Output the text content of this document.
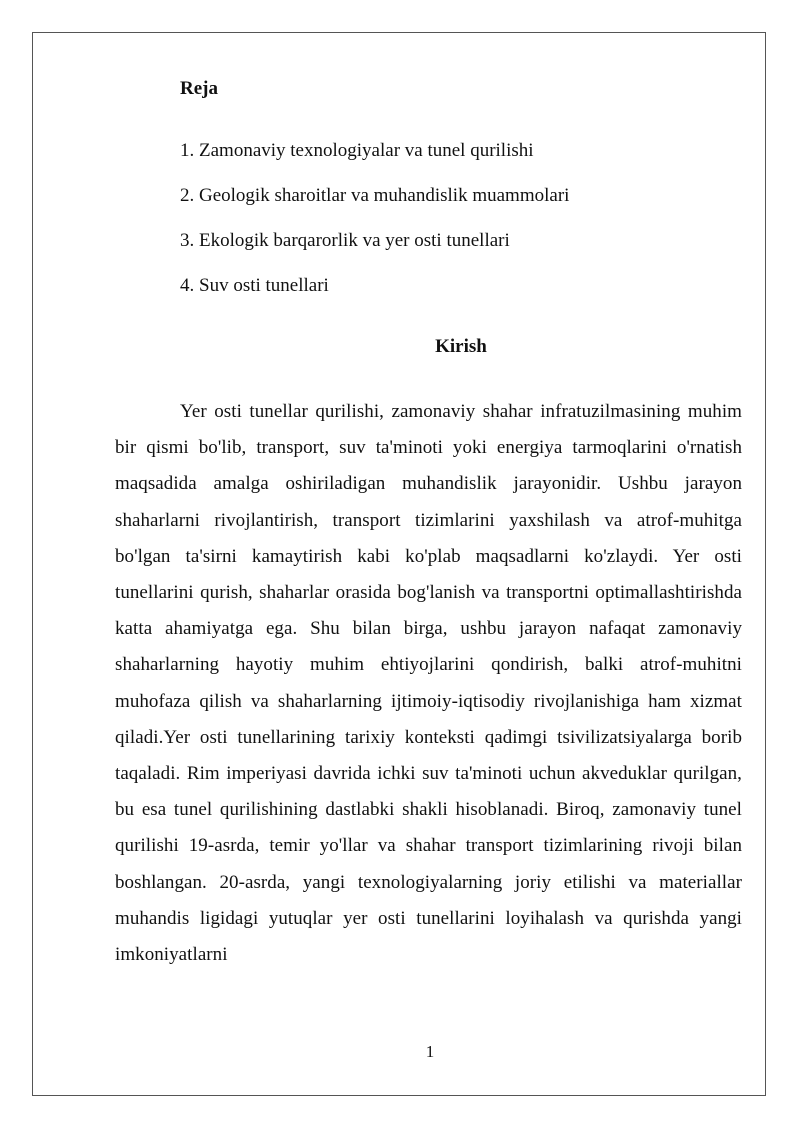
Reja
1. Zamonaviy texnologiyalar va tunel qurilishi
2. Geologik sharoitlar va muhandislik muammolari
3. Ekologik barqarorlik va yer osti tunellari
4. Suv osti tunellari
Kirish

Yer osti tunellar qurilishi, zamonaviy shahar infratuzilmasining muhim bir qismi bo'lib, transport, suv ta'minoti yoki energiya tarmoqlarini o'rnatish maqsadida amalga oshiriladigan muhandislik jarayonidir. Ushbu jarayon shaharlarni rivojlantirish, transport tizimlarini yaxshilash va atrof-muhitga bo'lgan ta'sirni kamaytirish kabi ko'plab maqsadlarni ko'zlaydi. Yer osti tunellarini qurish, shaharlar orasida bog'lanish va transportni optimallashtirishda katta ahamiyatga ega. Shu bilan birga, ushbu jarayon nafaqat zamonaviy shaharlarning hayotiy muhim ehtiyojlarini qondirish, balki atrof-muhitni muhofaza qilish va shaharlarning ijtimoiy-iqtisodiy rivojlanishiga ham xizmat qiladi.Yer osti tunellarining tarixiy konteksti qadimgi tsivilizatsiyalarga borib taqaladi. Rim imperiyasi davrida ichki suv ta'minoti uchun akveduklar qurilgan, bu esa tunel qurilishining dastlabki shakli hisoblanadi. Biroq, zamonaviy tunel qurilishi 19-asrda, temir yo'llar va shahar transport tizimlarining rivoji bilan boshlangan. 20-asrda, yangi texnologiyalarning joriy etilishi va materiallar muhandis ligidagi yutuqlar yer osti tunellarini loyihalash va qurishda yangi imkoniyatlarni

1
